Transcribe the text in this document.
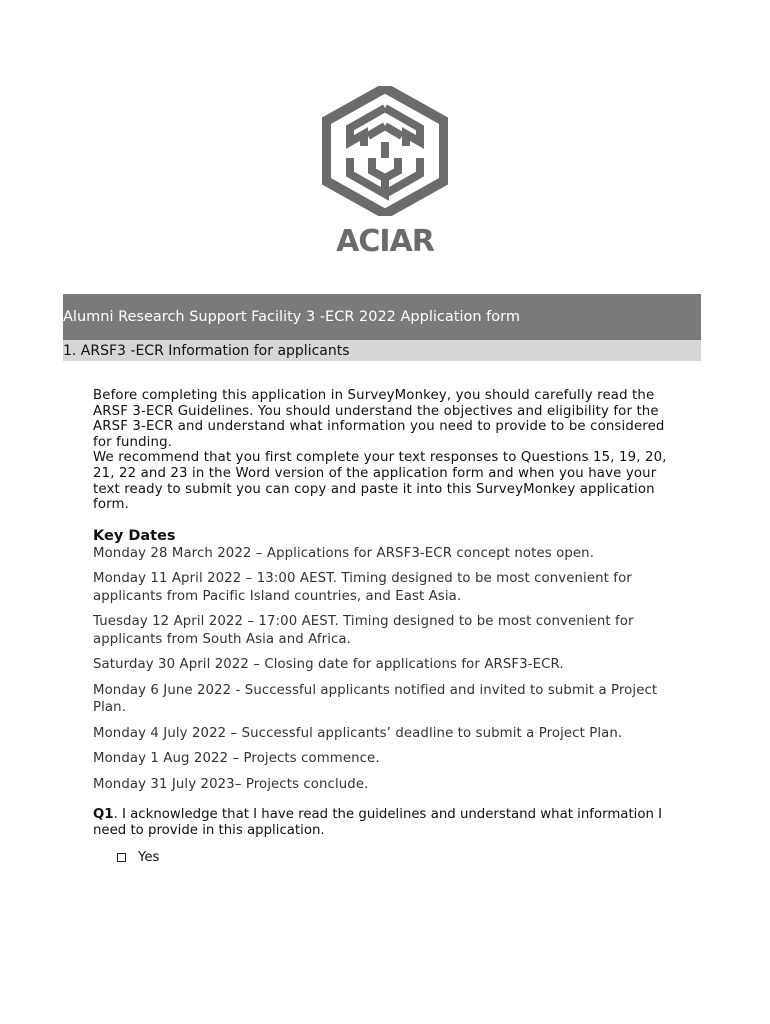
ACIAR
Alumni Research Support Facility 3 -ECR 2022 Application form
1. ARSF3 -ECR Information for applicants

Before completing this application in SurveyMonkey, you should carefully read the ARSF 3-ECR Guidelines. You should understand the objectives and eligibility for the ARSF 3-ECR and understand what information you need to provide to be considered for funding.

We recommend that you first complete your text responses to Questions 15, 19, 20, 21, 22 and 23 in the Word version of the application form and when you have your text ready to submit you can copy and paste it into this SurveyMonkey application form.

Key Dates
Monday 28 March 2022 – Applications for ARSF3-ECR concept notes open.
Monday 11 April 2022 – 13:00 AEST. Timing designed to be most convenient for applicants from Pacific Island countries, and East Asia.
Tuesday 12 April 2022 – 17:00 AEST. Timing designed to be most convenient for applicants from South Asia and Africa.
Saturday 30 April 2022 – Closing date for applications for ARSF3-ECR.
Monday 6 June 2022 - Successful applicants notified and invited to submit a Project Plan.
Monday 4 July 2022 – Successful applicants’ deadline to submit a Project Plan.
Monday 1 Aug 2022 – Projects commence.
Monday 31 July 2023– Projects conclude.
Q1. I acknowledge that I have read the guidelines and understand what information I need to provide in this application.
Yes
